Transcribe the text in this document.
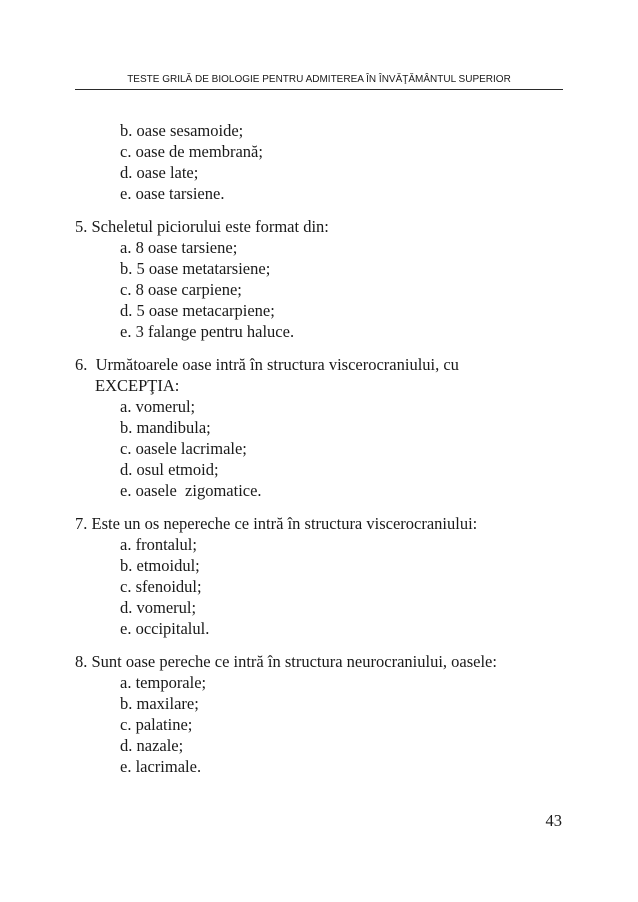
TESTE GRILĂ DE BIOLOGIE PENTRU ADMITEREA ÎN ÎNVĂŢĂMÂNTUL SUPERIOR
b. oase sesamoide;
c. oase de membrană;
d. oase late;
e. oase tarsiene.
5. Scheletul piciorului este format din:
a. 8 oase tarsiene;
b. 5 oase metatarsiene;
c. 8 oase carpiene;
d. 5 oase metacarpiene;
e. 3 falange pentru haluce.
6.  Următoarele oase intră în structura viscerocraniului, cu
EXCEPŢIA:
a. vomerul;
b. mandibula;
c. oasele lacrimale;
d. osul etmoid;
e. oasele  zigomatice.
7. Este un os nepereche ce intră în structura viscerocraniului:
a. frontalul;
b. etmoidul;
c. sfenoidul;
d. vomerul;
e. occipitalul.
8. Sunt oase pereche ce intră în structura neurocraniului, oasele:
a. temporale;
b. maxilare;
c. palatine;
d. nazale;
e. lacrimale.
43
